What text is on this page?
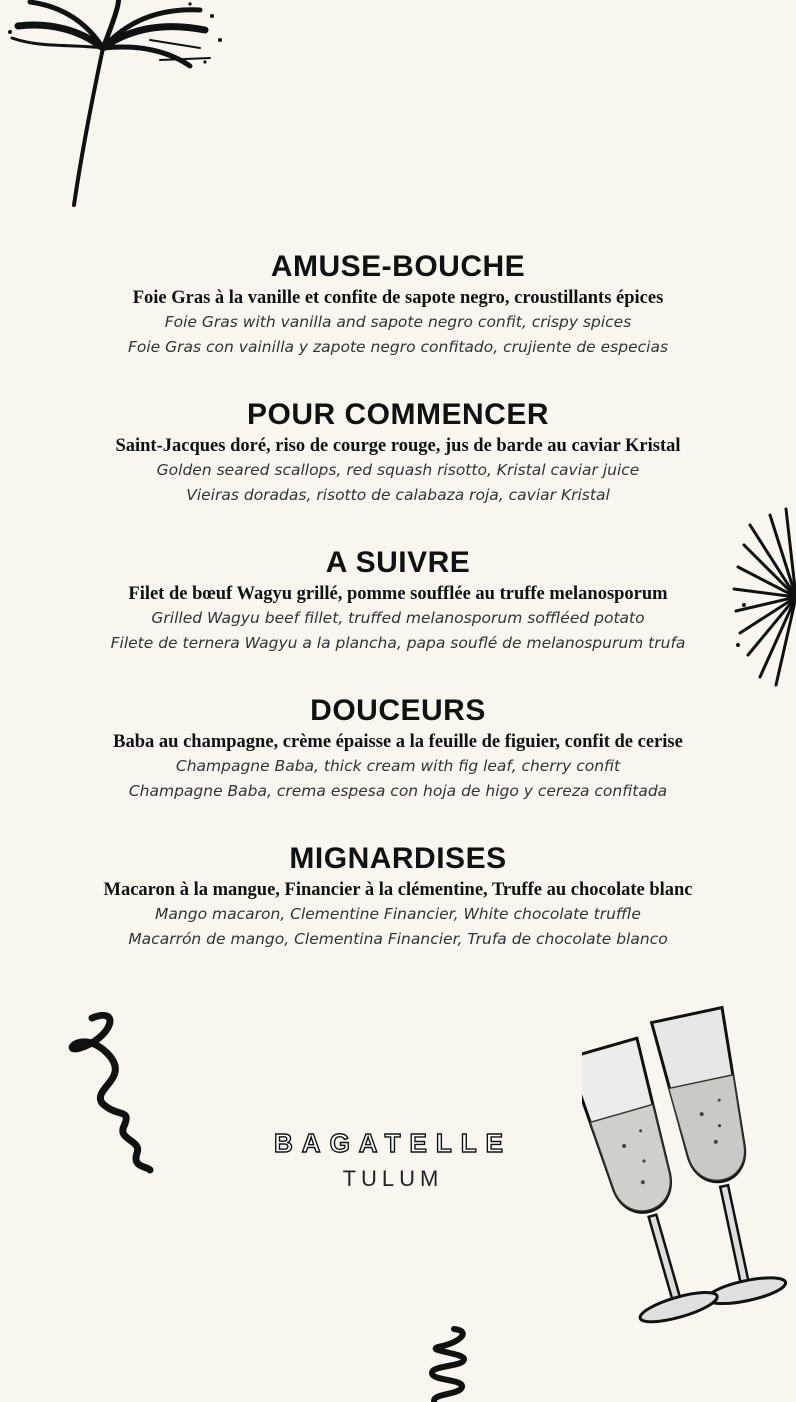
AMUSE-BOUCHE
Foie Gras à la vanille et confite de sapote negro, croustillants épices
Foie Gras with vanilla and sapote negro confit, crispy spices
Foie Gras con vainilla y zapote negro confitado, crujiente de especias
POUR COMMENCER
Saint-Jacques doré, riso de courge rouge, jus de barde au caviar Kristal
Golden seared scallops, red squash risotto, Kristal caviar juice
Vieiras doradas, risotto de calabaza roja, caviar Kristal
A SUIVRE
Filet de bœuf Wagyu grillé, pomme soufflée au truffe melanosporum
Grilled Wagyu beef fillet, truffed melanosporum soffléed potato
Filete de ternera Wagyu a la plancha, papa souflé de melanospurum trufa
DOUCEURS
Baba au champagne, crème épaisse a la feuille de figuier, confit de cerise
Champagne Baba, thick cream with fig leaf, cherry confit
Champagne Baba, crema espesa con hoja de higo y cereza confitada
MIGNARDISES
Macaron à la mangue, Financier à la clémentine, Truffe au chocolate blanc
Mango macaron, Clementine Financier, White chocolate truffle
Macarrón de mango, Clementina Financier, Trufa de chocolate blanco
BAGATELLE
TULUM
